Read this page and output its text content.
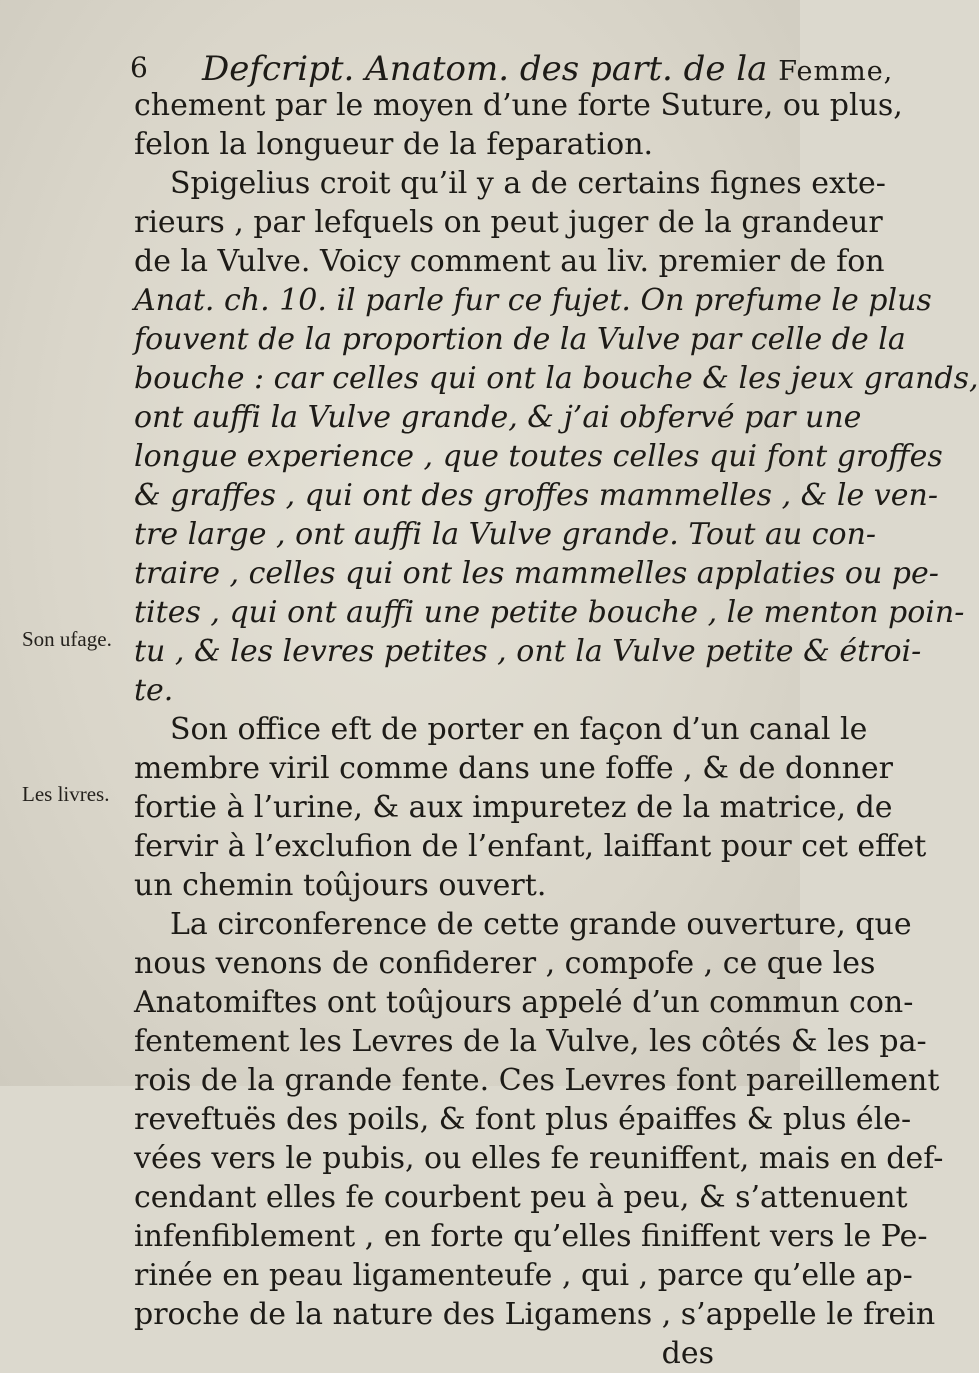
6 Defcript. Anatom. des part. de la Femme,
Son ufage.
Les livres.
chement par le moyen d’une forte Suture, ou plus,
felon la longueur de la feparation.
Spigelius croit qu’il y a de certains fignes exte-
rieurs , par lefquels on peut juger de la grandeur
de la Vulve. Voicy comment au liv. premier de fon
Anat. ch. 10. il parle fur ce fujet. On prefume le plus
fouvent de la proportion de la Vulve par celle de la
bouche : car celles qui ont la bouche & les jeux grands,
ont auffi la Vulve grande, & j’ai obfervé par une
longue experience , que toutes celles qui font groffes
& graffes , qui ont des groffes mammelles , & le ven-
tre large , ont auffi la Vulve grande. Tout au con-
traire , celles qui ont les mammelles applaties ou pe-
tites , qui ont auffi une petite bouche , le menton poin-
tu , & les levres petites , ont la Vulve petite & étroi-
te.
Son office eft de porter en façon d’un canal le
membre viril comme dans une foffe , & de donner
fortie à l’urine, & aux impuretez de la matrice, de
fervir à l’exclufion de l’enfant, laiffant pour cet effet
un chemin toûjours ouvert.
La circonference de cette grande ouverture, que
nous venons de confiderer , compofe , ce que les
Anatomiftes ont toûjours appelé d’un commun con-
fentement les Levres de la Vulve, les côtés & les pa-
rois de la grande fente. Ces Levres font pareillement
reveftuës des poils, & font plus épaiffes & plus éle-
vées vers le pubis, ou elles fe reuniffent, mais en def-
cendant elles fe courbent peu à peu, & s’attenuent
infenfiblement , en forte qu’elles finiffent vers le Pe-
rinée en peau ligamenteufe , qui , parce qu’elle ap-
proche de la nature des Ligamens , s’appelle le frein
des
